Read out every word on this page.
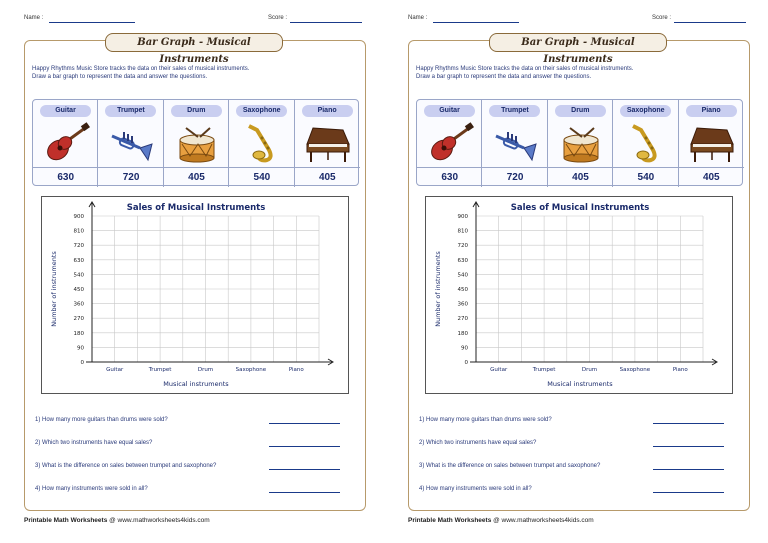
Name :	Score :
Bar Graph - Musical Instruments
Happy Rhythms Music Store tracks the data on their sales of musical instruments.
Draw a bar graph to represent the data and answer the questions.
Guitar
630
Trumpet
720
Drum
405
Saxophone
540
Piano
405
Sales of Musical Instruments
0
90
180
270
360
450
540
630
720
810
900
Guitar	Trumpet	Drum	Saxophone	Piano
Musical instruments
Number of instruments
1) How many more guitars than drums were sold?
2) Which two instruments have equal sales?
3) What is the difference on sales between trumpet and saxophone?
4) How many instruments were sold in all?
Printable Math Worksheets @ www.mathworksheets4kids.com
Name :	Score :
Bar Graph - Musical Instruments
Happy Rhythms Music Store tracks the data on their sales of musical instruments.
Draw a bar graph to represent the data and answer the questions.
Guitar
630
Trumpet
720
Drum
405
Saxophone
540
Piano
405
Sales of Musical Instruments
0
90
180
270
360
450
540
630
720
810
900
Guitar	Trumpet	Drum	Saxophone	Piano
Musical instruments
Number of instruments
1) How many more guitars than drums were sold?
2) Which two instruments have equal sales?
3) What is the difference on sales between trumpet and saxophone?
4) How many instruments were sold in all?
Printable Math Worksheets @ www.mathworksheets4kids.com
